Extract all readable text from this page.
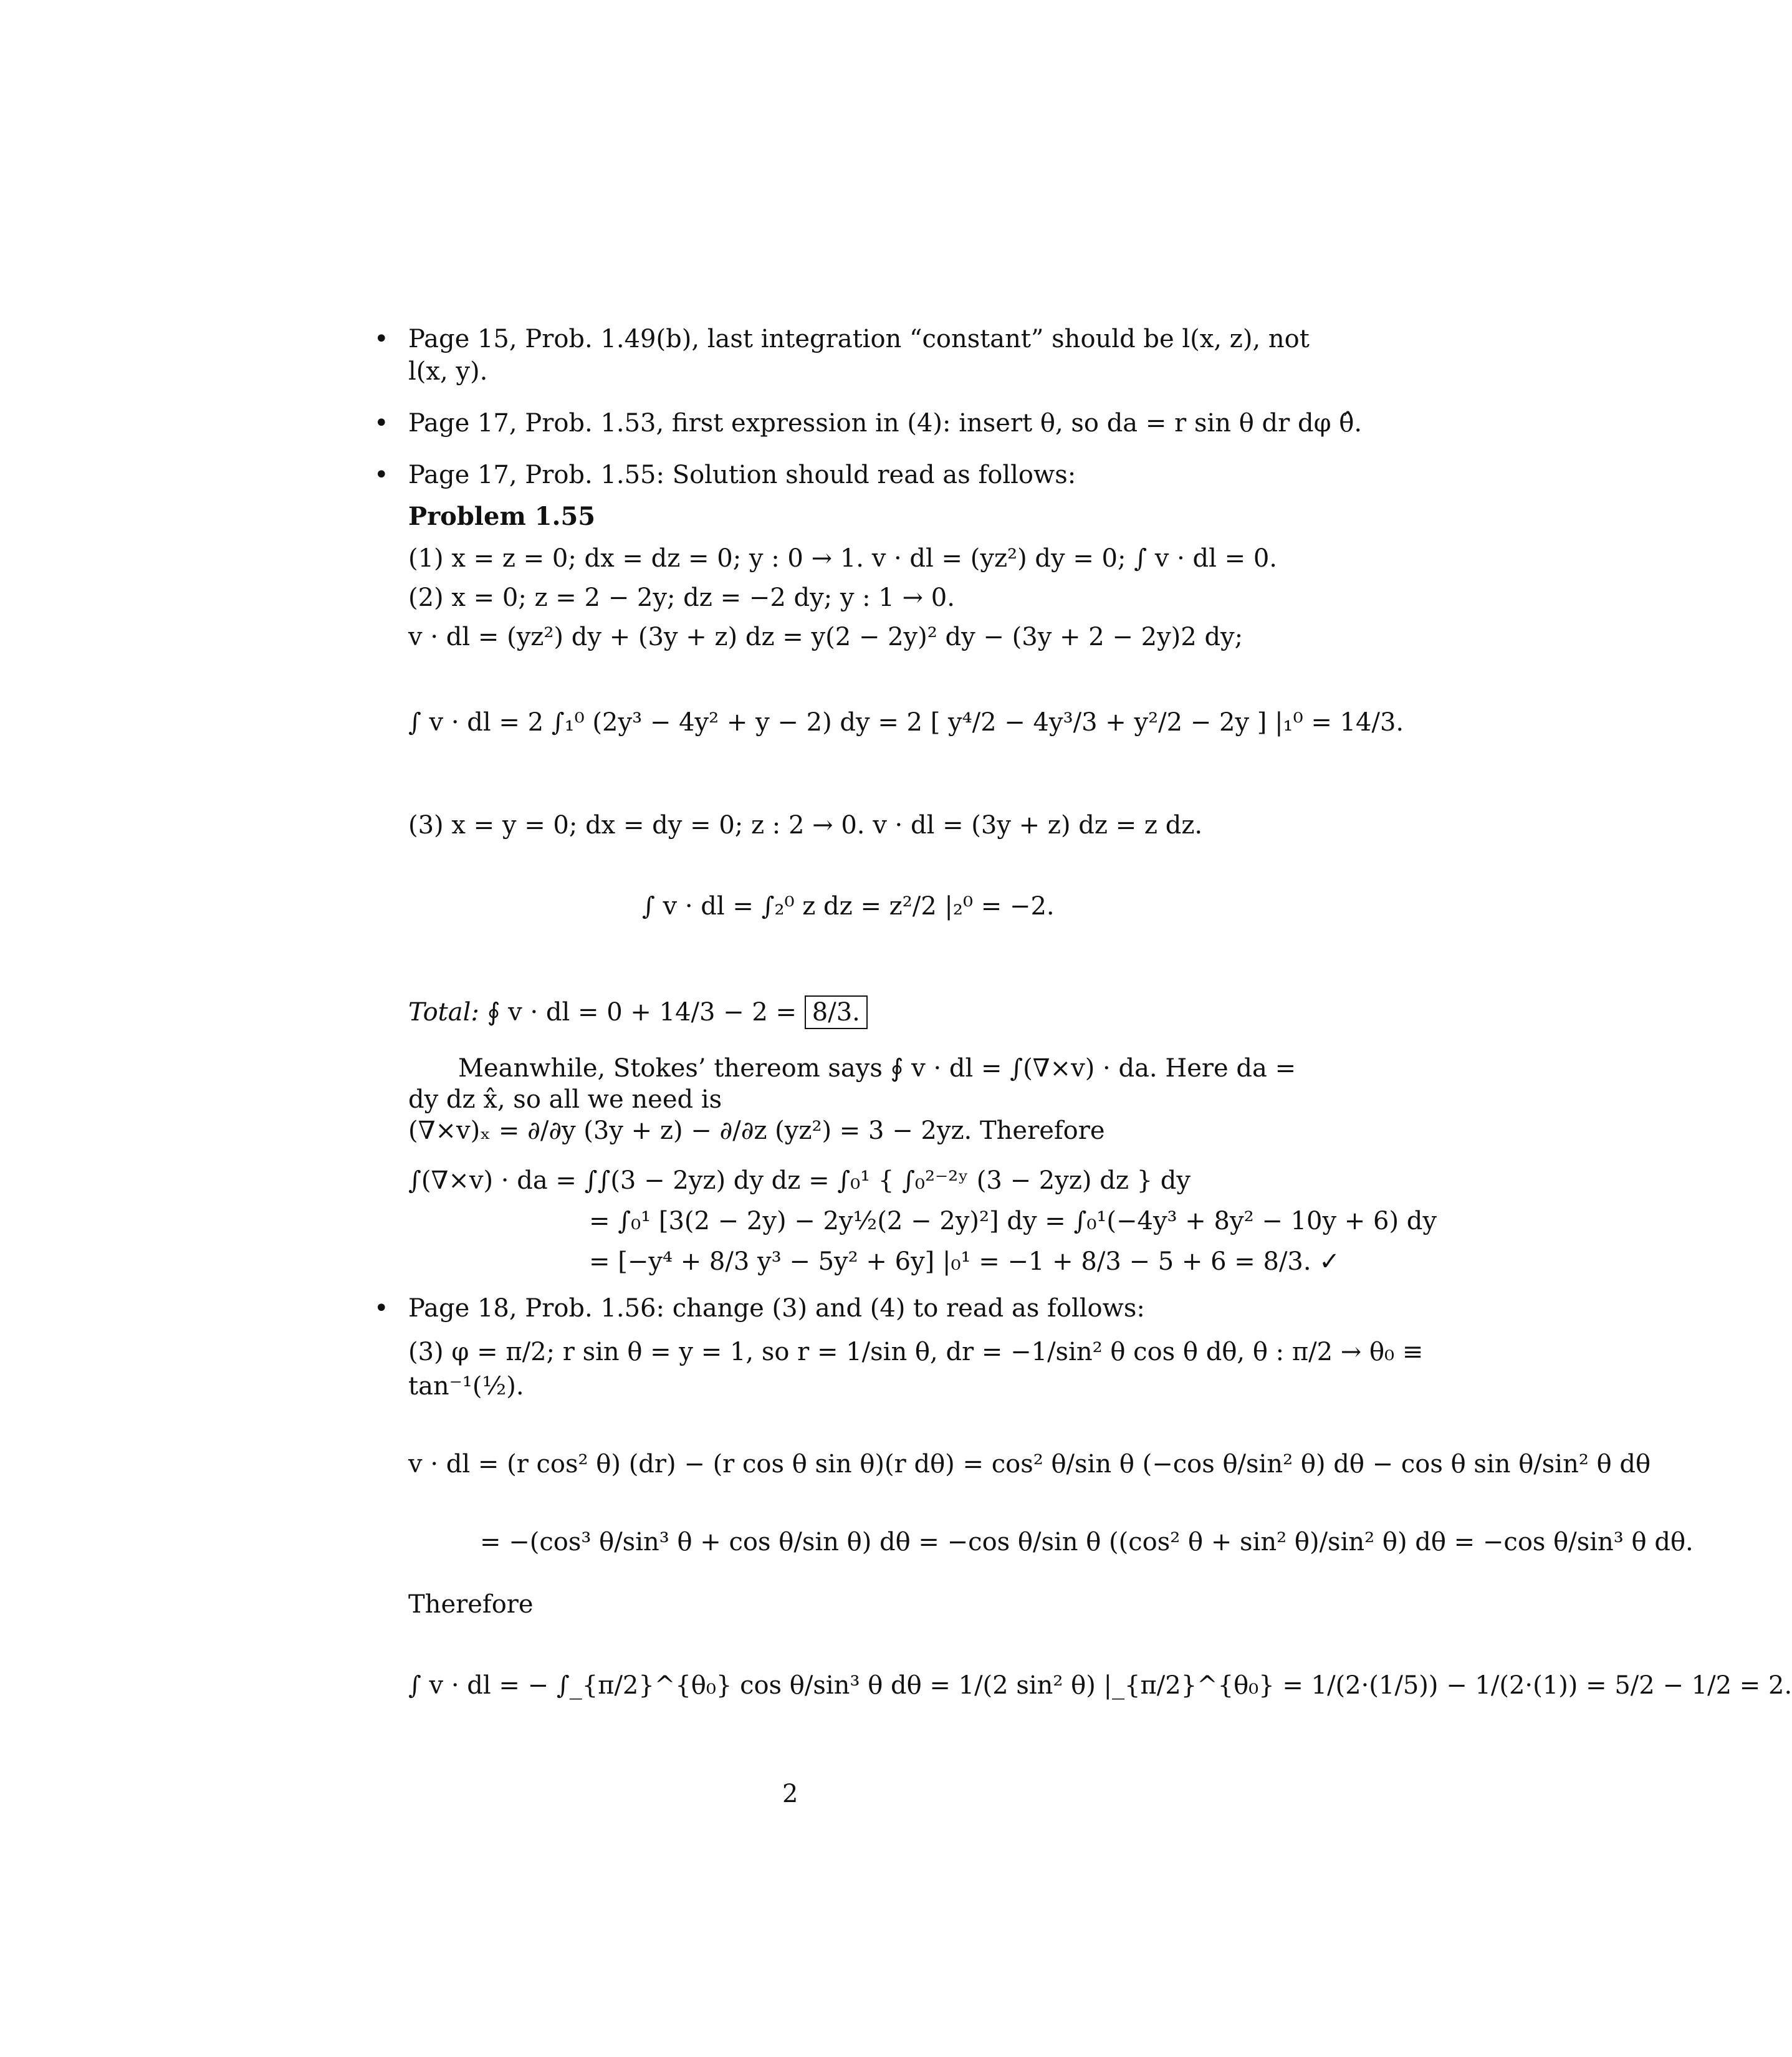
• Page 15, Prob. 1.49(b), last integration “constant” should be l(x, z), not
l(x, y).
• Page 17, Prob. 1.53, first expression in (4): insert θ, so da = r sin θ dr dφ θ̂.
• Page 17, Prob. 1.55: Solution should read as follows:
Problem 1.55
(1) x = z = 0; dx = dz = 0; y : 0 → 1. v · dl = (yz²) dy = 0; ∫ v · dl = 0.
(2) x = 0; z = 2 − 2y; dz = −2 dy; y : 1 → 0.
v · dl = (yz²) dy + (3y + z) dz = y(2 − 2y)² dy − (3y + 2 − 2y)2 dy;
∫ v · dl = 2 ∫₁⁰ (2y³ − 4y² + y − 2) dy = 2 [ y⁴/2 − 4y³/3 + y²/2 − 2y ] |₁⁰ = 14/3.
(3) x = y = 0; dx = dy = 0; z : 2 → 0. v · dl = (3y + z) dz = z dz.
∫ v · dl = ∫₂⁰ z dz = z²/2 |₂⁰ = −2.
Total: ∮ v · dl = 0 + 14/3 − 2 = 8/3.
Meanwhile, Stokes’ thereom says ∮ v · dl = ∫(∇×v) · da. Here da =
dy dz x̂, so all we need is
(∇×v)ₓ = ∂/∂y (3y + z) − ∂/∂z (yz²) = 3 − 2yz. Therefore
∫(∇×v) · da = ∫∫(3 − 2yz) dy dz = ∫₀¹ { ∫₀²⁻²ʸ (3 − 2yz) dz } dy
= ∫₀¹ [3(2 − 2y) − 2y½(2 − 2y)²] dy = ∫₀¹(−4y³ + 8y² − 10y + 6) dy
= [−y⁴ + 8/3 y³ − 5y² + 6y] |₀¹ = −1 + 8/3 − 5 + 6 = 8/3. ✓
• Page 18, Prob. 1.56: change (3) and (4) to read as follows:
(3) φ = π/2; r sin θ = y = 1, so r = 1/sin θ, dr = −1/sin² θ cos θ dθ, θ : π/2 → θ₀ ≡
tan⁻¹(½).
v · dl = (r cos² θ) (dr) − (r cos θ sin θ)(r dθ) = cos² θ/sin θ (−cos θ/sin² θ) dθ − cos θ sin θ/sin² θ dθ
= −(cos³ θ/sin³ θ + cos θ/sin θ) dθ = −cos θ/sin θ ((cos² θ + sin² θ)/sin² θ) dθ = −cos θ/sin³ θ dθ.
Therefore
∫ v · dl = − ∫_{π/2}^{θ₀} cos θ/sin³ θ dθ = 1/(2 sin² θ) |_{π/2}^{θ₀} = 1/(2·(1/5)) − 1/(2·(1)) = 5/2 − 1/2 = 2.
2
